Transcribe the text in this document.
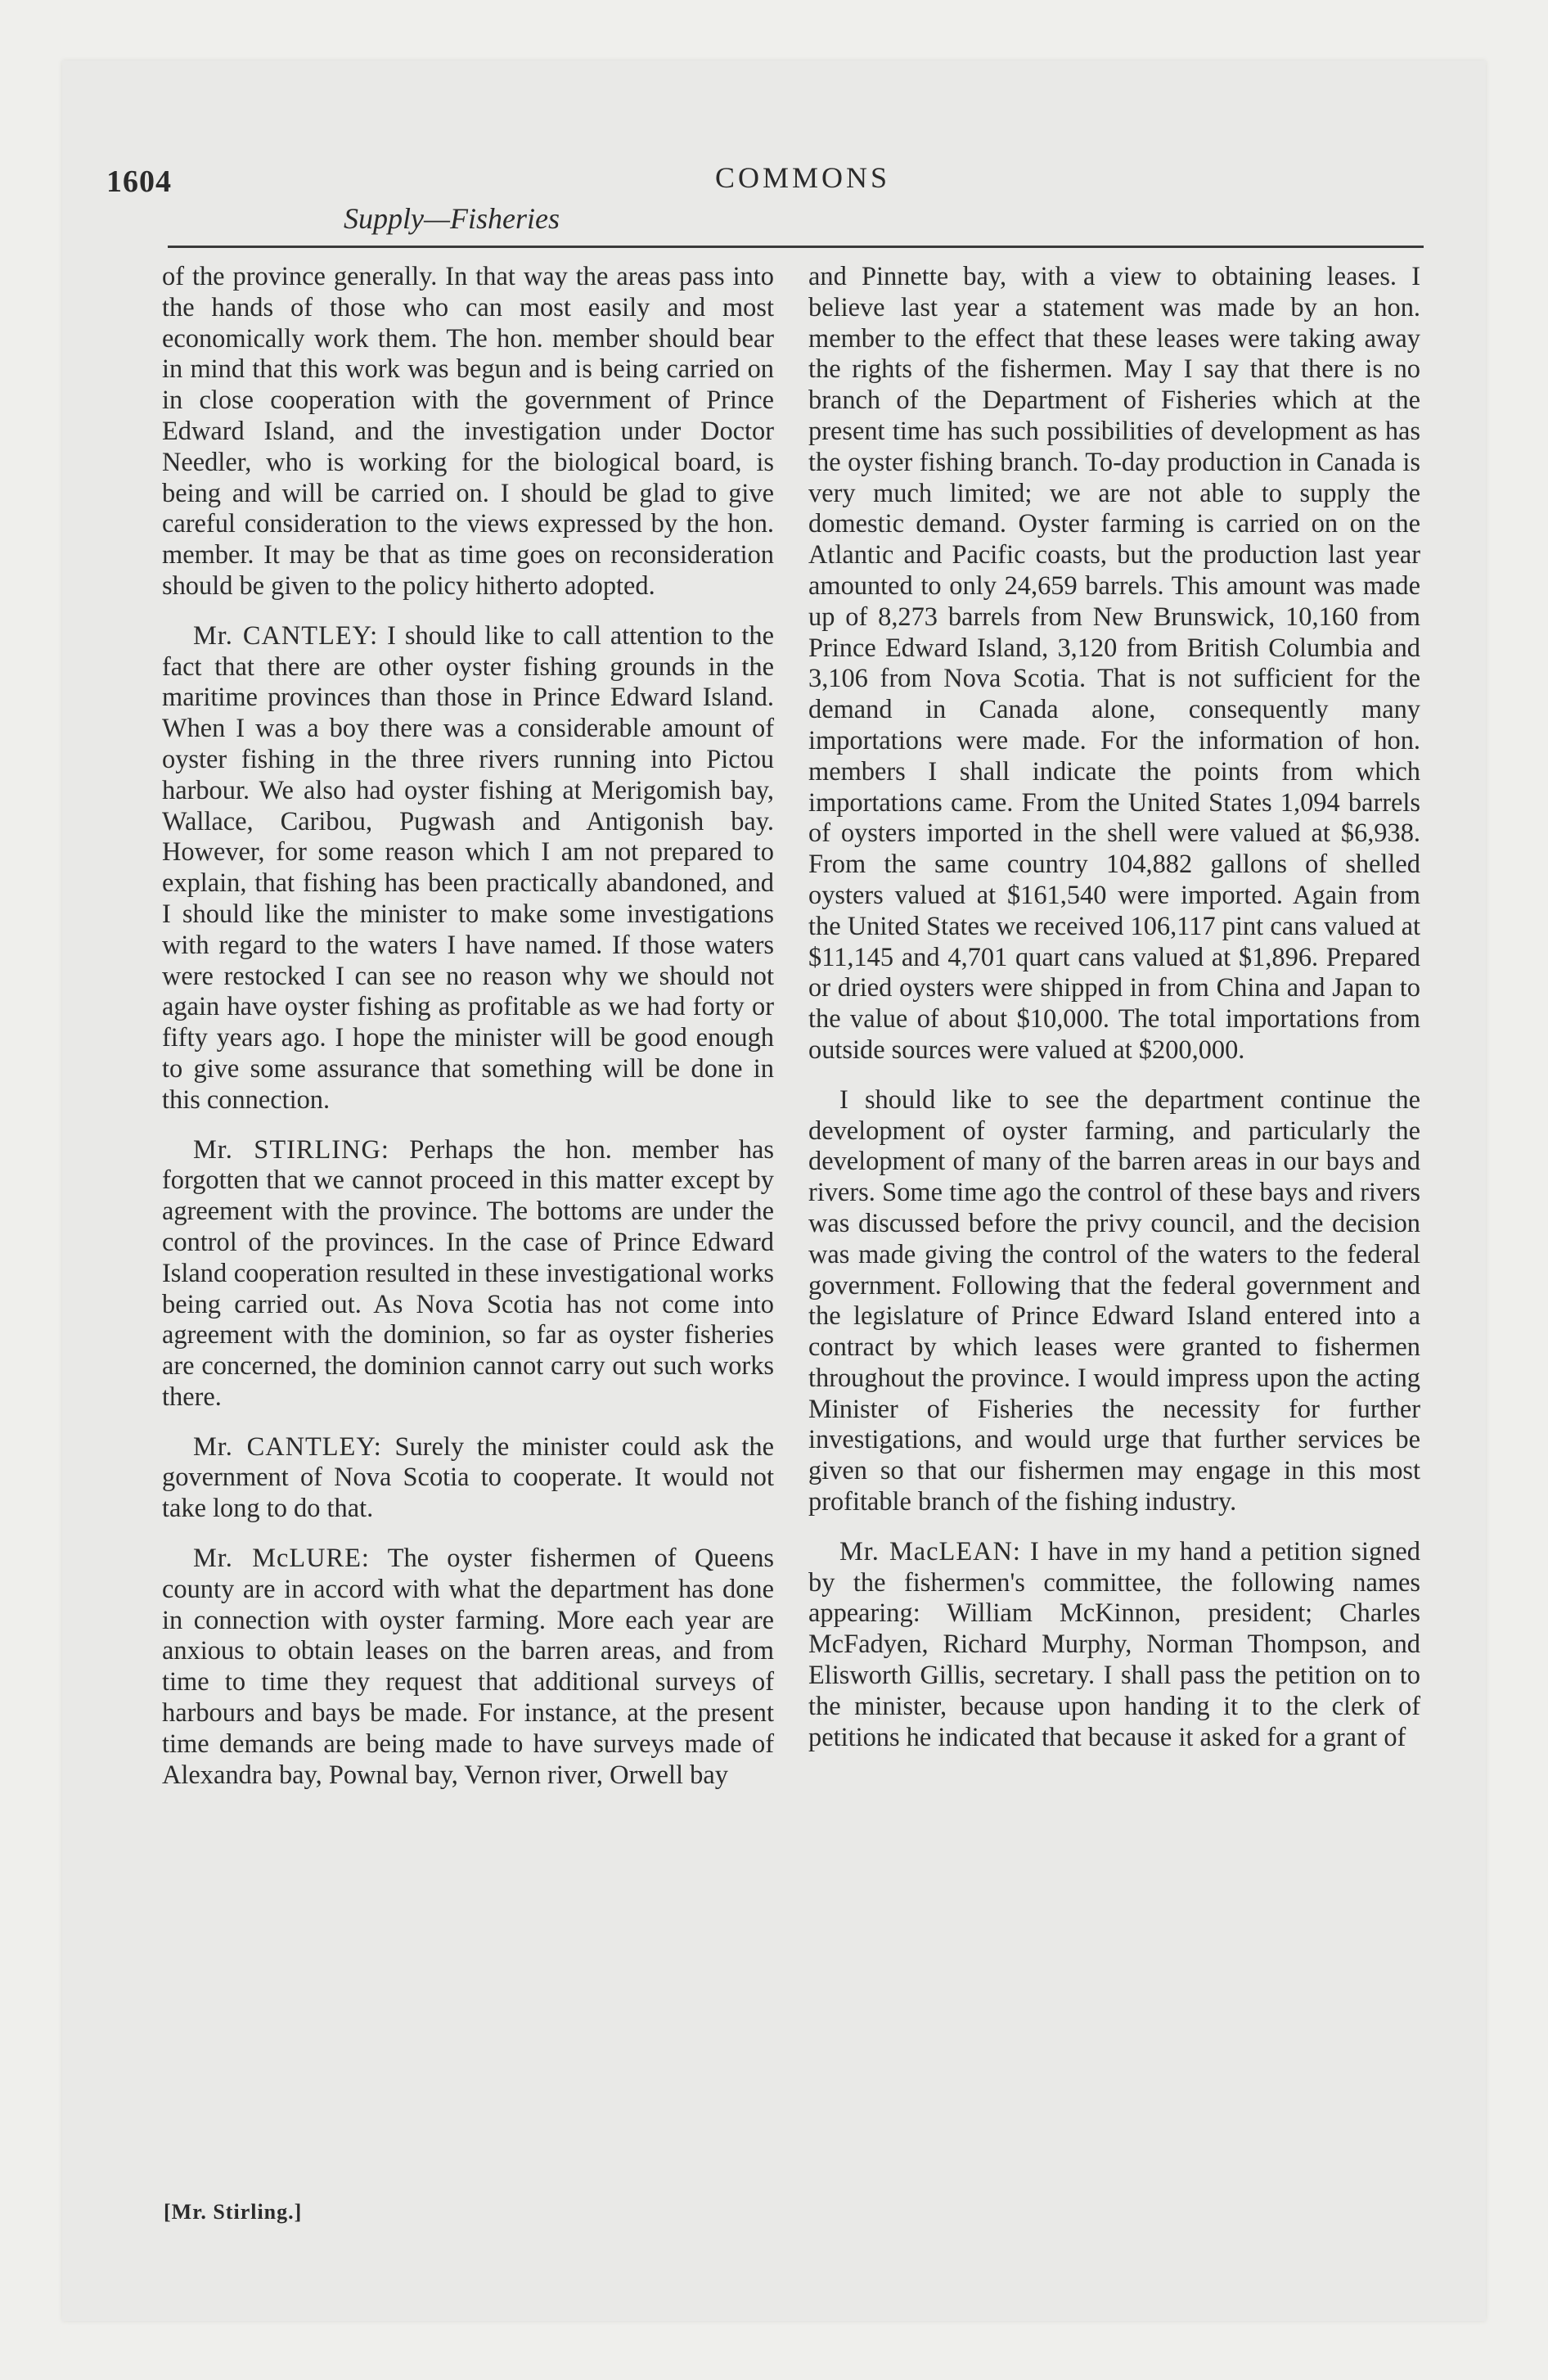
1604	COMMONS
Supply—Fisheries

of the province generally. In that way the areas pass into the hands of those who can most easily and most economically work them. The hon. member should bear in mind that this work was begun and is being carried on in close cooperation with the government of Prince Edward Island, and the investigation under Doctor Needler, who is working for the biological board, is being and will be carried on. I should be glad to give careful consideration to the views expressed by the hon. member. It may be that as time goes on reconsideration should be given to the policy hitherto adopted.

Mr. CANTLEY: I should like to call attention to the fact that there are other oyster fishing grounds in the maritime provinces than those in Prince Edward Island. When I was a boy there was a considerable amount of oyster fishing in the three rivers running into Pictou harbour. We also had oyster fishing at Merigomish bay, Wallace, Caribou, Pugwash and Antigonish bay. However, for some reason which I am not prepared to explain, that fishing has been practically abandoned, and I should like the minister to make some investigations with regard to the waters I have named. If those waters were restocked I can see no reason why we should not again have oyster fishing as profitable as we had forty or fifty years ago. I hope the minister will be good enough to give some assurance that something will be done in this connection.

Mr. STIRLING: Perhaps the hon. member has forgotten that we cannot proceed in this matter except by agreement with the province. The bottoms are under the control of the provinces. In the case of Prince Edward Island cooperation resulted in these investigational works being carried out. As Nova Scotia has not come into agreement with the dominion, so far as oyster fisheries are concerned, the dominion cannot carry out such works there.

Mr. CANTLEY: Surely the minister could ask the government of Nova Scotia to cooperate. It would not take long to do that.

Mr. McLURE: The oyster fishermen of Queens county are in accord with what the department has done in connection with oyster farming. More each year are anxious to obtain leases on the barren areas, and from time to time they request that additional surveys of harbours and bays be made. For instance, at the present time demands are being made to have surveys made of Alexandra bay, Pownal bay, Vernon river, Orwell bay

and Pinnette bay, with a view to obtaining leases. I believe last year a statement was made by an hon. member to the effect that these leases were taking away the rights of the fishermen. May I say that there is no branch of the Department of Fisheries which at the present time has such possibilities of development as has the oyster fishing branch. To-day production in Canada is very much limited; we are not able to supply the domestic demand. Oyster farming is carried on on the Atlantic and Pacific coasts, but the production last year amounted to only 24,659 barrels. This amount was made up of 8,273 barrels from New Brunswick, 10,160 from Prince Edward Island, 3,120 from British Columbia and 3,106 from Nova Scotia. That is not sufficient for the demand in Canada alone, consequently many importations were made. For the information of hon. members I shall indicate the points from which importations came. From the United States 1,094 barrels of oysters imported in the shell were valued at $6,938. From the same country 104,882 gallons of shelled oysters valued at $161,540 were imported. Again from the United States we received 106,117 pint cans valued at $11,145 and 4,701 quart cans valued at $1,896. Prepared or dried oysters were shipped in from China and Japan to the value of about $10,000. The total importations from outside sources were valued at $200,000.

I should like to see the department continue the development of oyster farming, and particularly the development of many of the barren areas in our bays and rivers. Some time ago the control of these bays and rivers was discussed before the privy council, and the decision was made giving the control of the waters to the federal government. Following that the federal government and the legislature of Prince Edward Island entered into a contract by which leases were granted to fishermen throughout the province. I would impress upon the acting Minister of Fisheries the necessity for further investigations, and would urge that further services be given so that our fishermen may engage in this most profitable branch of the fishing industry.

Mr. MacLEAN: I have in my hand a petition signed by the fishermen's committee, the following names appearing: William McKinnon, president; Charles McFadyen, Richard Murphy, Norman Thompson, and Elisworth Gillis, secretary. I shall pass the petition on to the minister, because upon handing it to the clerk of petitions he indicated that because it asked for a grant of

[Mr. Stirling.]
